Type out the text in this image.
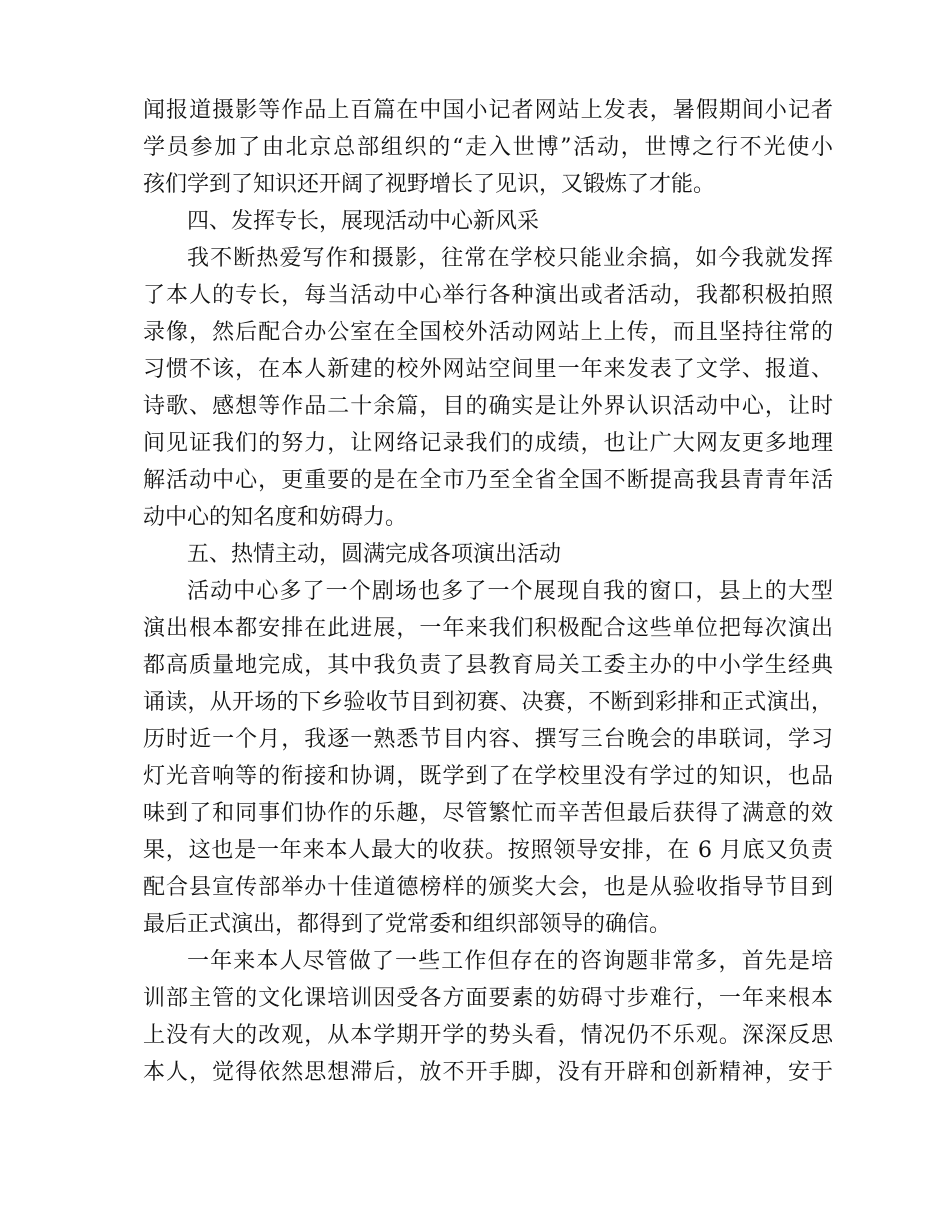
闻报道摄影等作品上百篇在中国小记者网站上发表，暑假期间小记者
学员参加了由北京总部组织的“走入世博”活动，世博之行不光使小
孩们学到了知识还开阔了视野增长了见识，又锻炼了才能。
四、发挥专长，展现活动中心新风采
我不断热爱写作和摄影，往常在学校只能业余搞，如今我就发挥
了本人的专长，每当活动中心举行各种演出或者活动，我都积极拍照
录像，然后配合办公室在全国校外活动网站上上传，而且坚持往常的
习惯不该，在本人新建的校外网站空间里一年来发表了文学、报道、
诗歌、感想等作品二十余篇，目的确实是让外界认识活动中心，让时
间见证我们的努力，让网络记录我们的成绩，也让广大网友更多地理
解活动中心，更重要的是在全市乃至全省全国不断提高我县青青年活
动中心的知名度和妨碍力。
五、热情主动，圆满完成各项演出活动
活动中心多了一个剧场也多了一个展现自我的窗口，县上的大型
演出根本都安排在此进展，一年来我们积极配合这些单位把每次演出
都高质量地完成，其中我负责了县教育局关工委主办的中小学生经典
诵读，从开场的下乡验收节目到初赛、决赛，不断到彩排和正式演出，
历时近一个月，我逐一熟悉节目内容、撰写三台晚会的串联词，学习
灯光音响等的衔接和协调，既学到了在学校里没有学过的知识，也品
味到了和同事们协作的乐趣，尽管繁忙而辛苦但最后获得了满意的效
果，这也是一年来本人最大的收获。按照领导安排，在 6 月底又负责
配合县宣传部举办十佳道德榜样的颁奖大会，也是从验收指导节目到
最后正式演出，都得到了党常委和组织部领导的确信。
一年来本人尽管做了一些工作但存在的咨询题非常多，首先是培
训部主管的文化课培训因受各方面要素的妨碍寸步难行，一年来根本
上没有大的改观，从本学期开学的势头看，情况仍不乐观。深深反思
本人，觉得依然思想滞后，放不开手脚，没有开辟和创新精神，安于
